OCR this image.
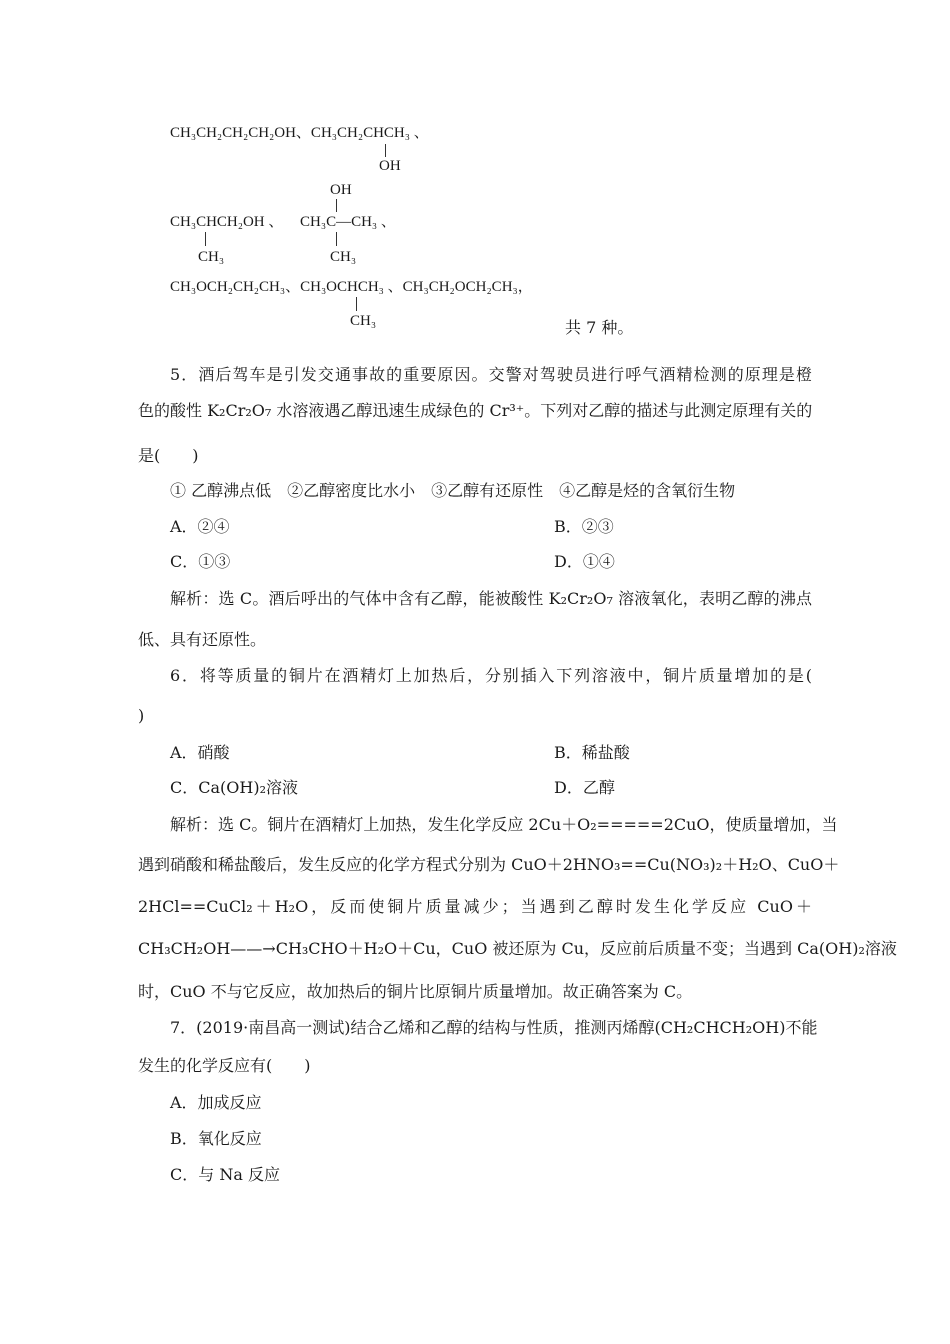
CH₃CH₂CH₂CH₂OH、CH₃CH₂CHCH₃ 、
OH
OH
CH₃CHCH₂OH 、 CH₃C—CH₃ 、
CH₃	CH₃
CH₃OCH₂CH₂CH₃、CH₃OCHCH₃ 、CH₃CH₂OCH₂CH₃，
CH₃	共 7 种。
5．酒后驾车是引发交通事故的重要原因。交警对驾驶员进行呼气酒精检测的原理是橙
色的酸性 K₂Cr₂O₇ 水溶液遇乙醇迅速生成绿色的 Cr³⁺。下列对乙醇的描述与此测定原理有关的
是(　　)
① 乙醇沸点低　②乙醇密度比水小　③乙醇有还原性　④乙醇是烃的含氧衍生物
A．②④	B．②③
C．①③	D．①④
解析：选 C。酒后呼出的气体中含有乙醇，能被酸性 K₂Cr₂O₇ 溶液氧化，表明乙醇的沸点
低、具有还原性。
6．将等质量的铜片在酒精灯上加热后，分别插入下列溶液中，铜片质量增加的是(
)
A．硝酸	B．稀盐酸
C．Ca(OH)₂溶液	D．乙醇
解析：选 C。铜片在酒精灯上加热，发生化学反应 2Cu＋O₂=====2CuO，使质量增加，当
遇到硝酸和稀盐酸后，发生反应的化学方程式分别为 CuO＋2HNO₃==Cu(NO₃)₂＋H₂O、CuO＋
2HCl==CuCl₂＋H₂O，反而使铜片质量减少；当遇到乙醇时发生化学反应 CuO＋
CH₃CH₂OH——→CH₃CHO＋H₂O＋Cu，CuO 被还原为 Cu，反应前后质量不变；当遇到 Ca(OH)₂溶液
时，CuO 不与它反应，故加热后的铜片比原铜片质量增加。故正确答案为 C。
7．(2019·南昌高一测试)结合乙烯和乙醇的结构与性质，推测丙烯醇(CH₂CHCH₂OH)不能
发生的化学反应有(　　)
A．加成反应
B．氧化反应
C．与 Na 反应
